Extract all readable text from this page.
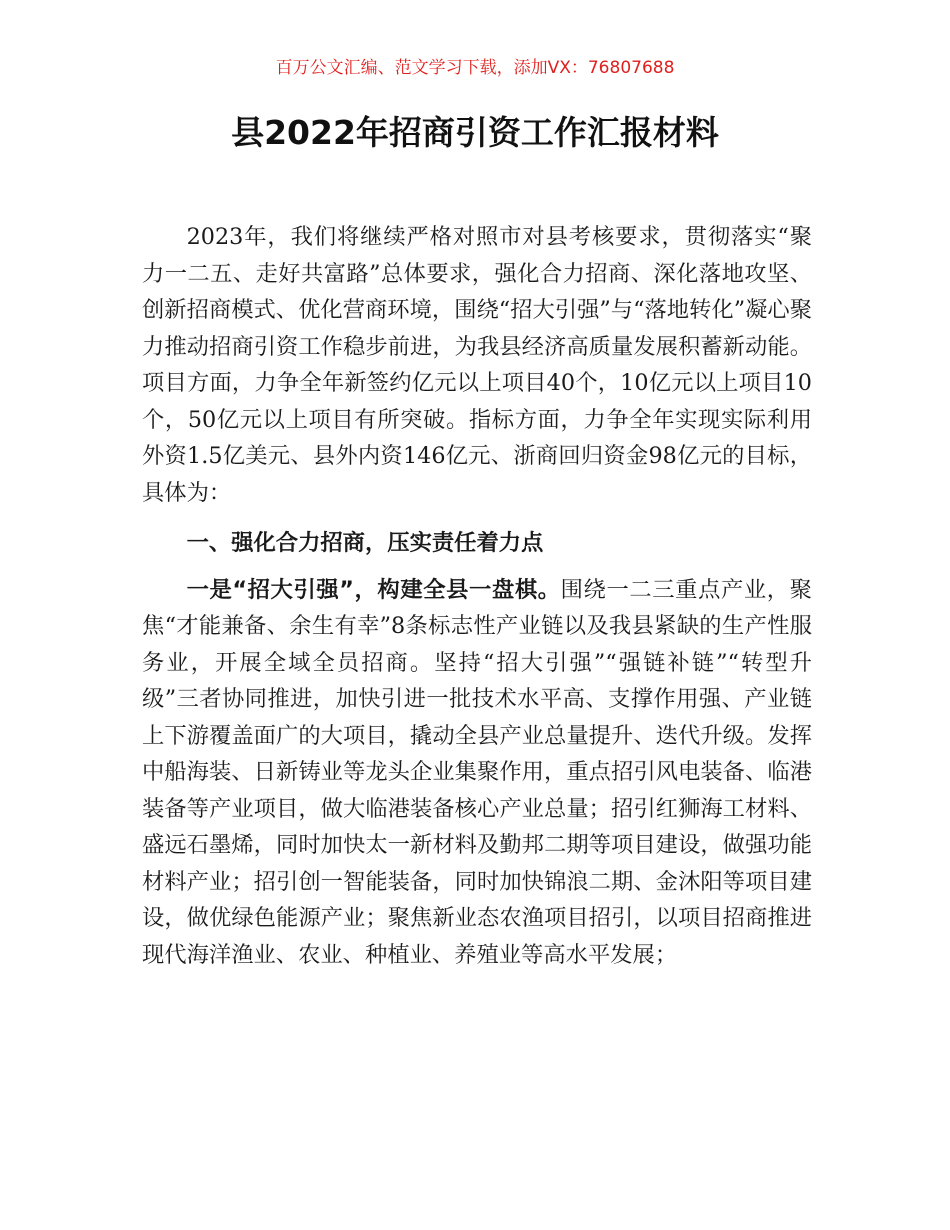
百万公文汇编、范文学习下载，添加VX：76807688
县2022年招商引资工作汇报材料

2023年，我们将继续严格对照市对县考核要求，贯彻落实“聚力一二五、走好共富路”总体要求，强化合力招商、深化落地攻坚、创新招商模式、优化营商环境，围绕“招大引强”与“落地转化”凝心聚力推动招商引资工作稳步前进，为我县经济高质量发展积蓄新动能。项目方面，力争全年新签约亿元以上项目40个，10亿元以上项目10个，50亿元以上项目有所突破。指标方面，力争全年实现实际利用外资1.5亿美元、县外内资146亿元、浙商回归资金98亿元的目标，具体为：

一、强化合力招商，压实责任着力点

一是“招大引强”，构建全县一盘棋。围绕一二三重点产业，聚焦“才能兼备、余生有幸”8条标志性产业链以及我县紧缺的生产性服务业，开展全域全员招商。坚持“招大引强”“强链补链”“转型升级”三者协同推进，加快引进一批技术水平高、支撑作用强、产业链上下游覆盖面广的大项目，撬动全县产业总量提升、迭代升级。发挥中船海装、日新铸业等龙头企业集聚作用，重点招引风电装备、临港装备等产业项目，做大临港装备核心产业总量；招引红狮海工材料、盛远石墨烯，同时加快太一新材料及勤邦二期等项目建设，做强功能材料产业；招引创一智能装备，同时加快锦浪二期、金沐阳等项目建设，做优绿色能源产业；聚焦新业态农渔项目招引，以项目招商推进现代海洋渔业、农业、种植业、养殖业等高水平发展；
